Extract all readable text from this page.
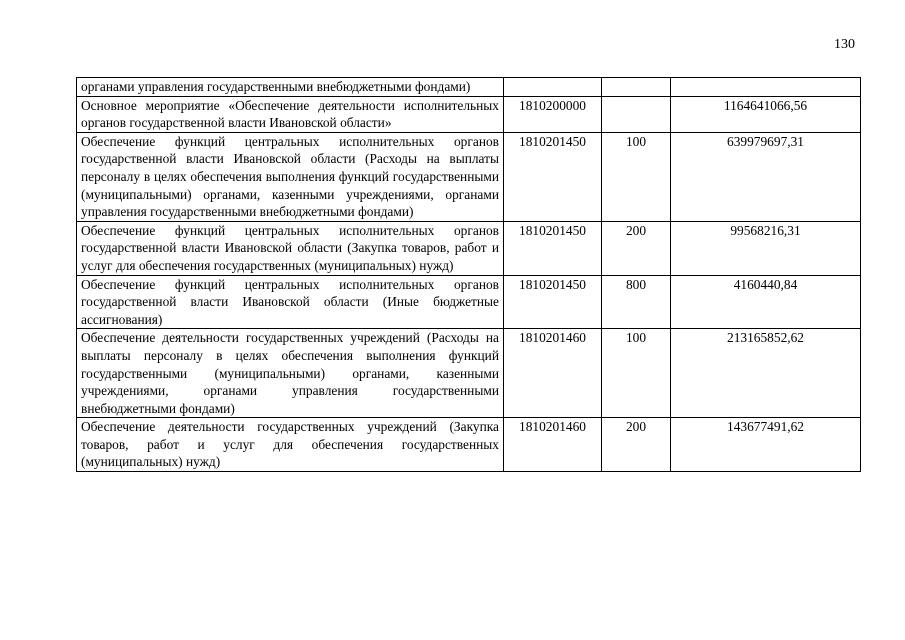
130
органами управления государственными внебюджетными фондами)			
Основное мероприятие «Обеспечение деятельности исполнительных органов государственной власти Ивановской области»	1810200000		1164641066,56
Обеспечение функций центральных исполнительных органов государственной власти Ивановской области (Расходы на выплаты персоналу в целях обеспечения выполнения функций государственными (муниципальными) органами, казенными учреждениями, органами управления государственными внебюджетными фондами)	1810201450	100	639979697,31
Обеспечение функций центральных исполнительных органов государственной власти Ивановской области (Закупка товаров, работ и услуг для обеспечения государственных (муниципальных) нужд)	1810201450	200	99568216,31
Обеспечение функций центральных исполнительных органов государственной власти Ивановской области (Иные бюджетные ассигнования)	1810201450	800	4160440,84
Обеспечение деятельности государственных учреждений (Расходы на выплаты персоналу в целях обеспечения выполнения функций государственными (муниципальными) органами, казенными учреждениями, органами управления государственными внебюджетными фондами)	1810201460	100	213165852,62
Обеспечение деятельности государственных учреждений (Закупка товаров, работ и услуг для обеспечения государственных (муниципальных) нужд)	1810201460	200	143677491,62
